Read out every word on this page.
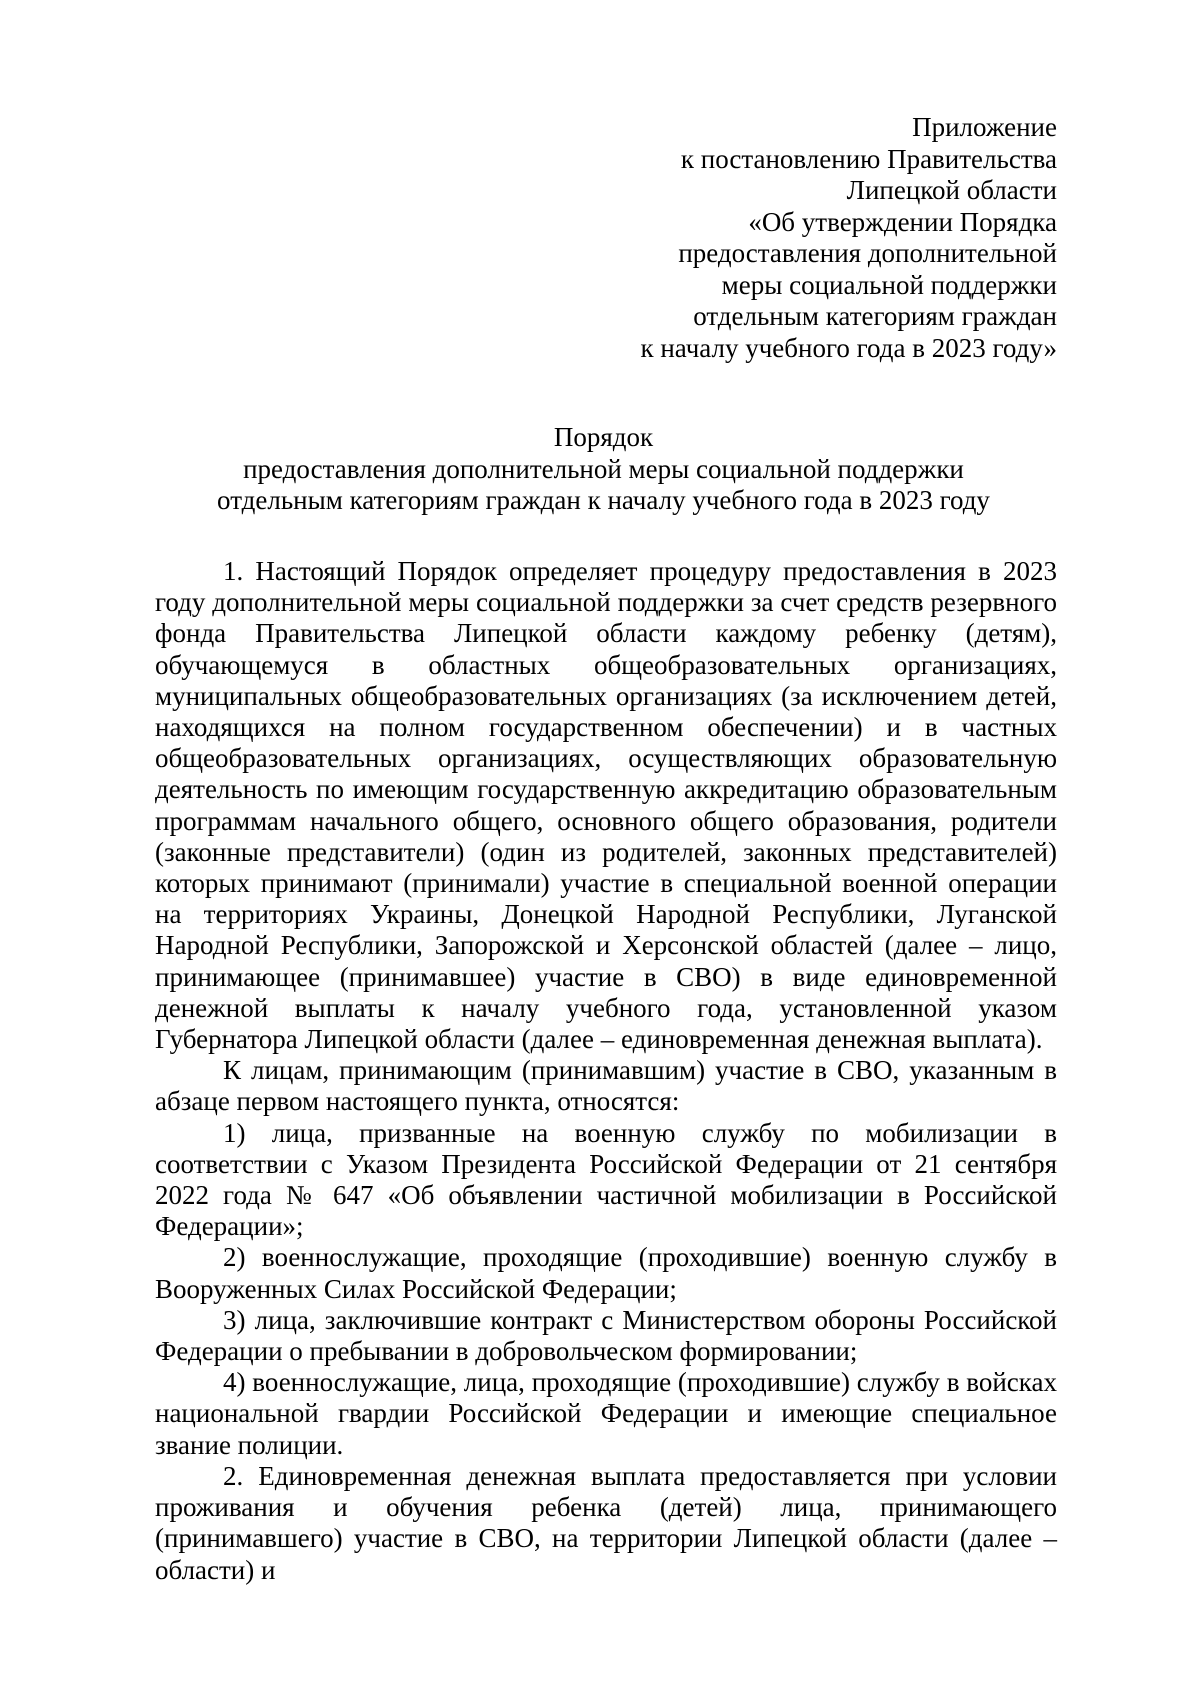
Приложение
к постановлению Правительства
Липецкой области
«Об утверждении Порядка
предоставления дополнительной
меры социальной поддержки
отдельным категориям граждан
к началу учебного года в 2023 году»
Порядок
предоставления дополнительной меры социальной поддержки
отдельным категориям граждан к началу учебного года в 2023 году

1. Настоящий Порядок определяет процедуру предоставления в 2023 году дополнительной меры социальной поддержки за счет средств резервного фонда Правительства Липецкой области каждому ребенку (детям), обучающемуся в областных общеобразовательных организациях, муниципальных общеобразовательных организациях (за исключением детей, находящихся на полном государственном обеспечении) и в частных общеобразовательных организациях, осуществляющих образовательную деятельность по имеющим государственную аккредитацию образовательным программам начального общего, основного общего образования, родители (законные представители) (один из родителей, законных представителей) которых принимают (принимали) участие в специальной военной операции на территориях Украины, Донецкой Народной Республики, Луганской Народной Республики, Запорожской и Херсонской областей (далее – лицо, принимающее (принимавшее) участие в СВО) в виде единовременной денежной выплаты к началу учебного года, установленной указом Губернатора Липецкой области (далее – единовременная денежная выплата).

К лицам, принимающим (принимавшим) участие в СВО, указанным в абзаце первом настоящего пункта, относятся:

1) лица, призванные на военную службу по мобилизации в соответствии с Указом Президента Российской Федерации от 21 сентября 2022 года № 647 «Об объявлении частичной мобилизации в Российской Федерации»;

2) военнослужащие, проходящие (проходившие) военную службу в Вооруженных Силах Российской Федерации;

3) лица, заключившие контракт с Министерством обороны Российской Федерации о пребывании в добровольческом формировании;

4) военнослужащие, лица, проходящие (проходившие) службу в войсках национальной гвардии Российской Федерации и имеющие специальное звание полиции.

2. Единовременная денежная выплата предоставляется при условии проживания и обучения ребенка (детей) лица, принимающего (принимавшего) участие в СВО, на территории Липецкой области (далее – области) и
